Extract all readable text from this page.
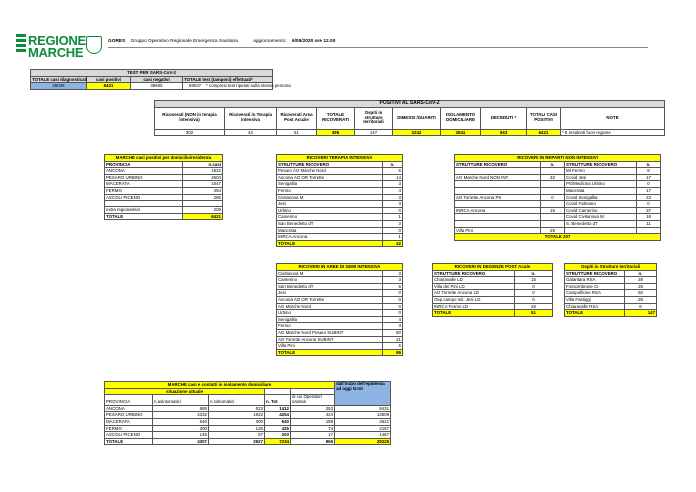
REGIONE
MARCHE
GORES Gruppo Operativo Regionale Emergenza Sanitaria	aggiornamento: 6/05/2020 ore 12.00
TEST PER SARS-CoV-2			
TOTALE casi diagnosticati	casi positivi	casi negativi	TOTALE test (tamponi) effettuati*
45026	6421	38605	69037 * compresi test ripetuti sulla stessa persona
POSITIVI AL SARS-CoV-2									
Ricoverati (NON in terapia intensiva)	Ricoverati in Terapia intensiva	Ricoverati Area Post Acuzie	TOTALE RICOVERATI	Ospiti in strutture territoriali	DIMESSI /GUARITI	ISOLAMENTO DOMICILIARE	DECEDUTI *	TOTALI CASI POSITIVI	NOTE
302	42	51	395	147	2242	2841	943	6421	* 8 residenti fuori regione
MARCHE casi positivi per domicilio/residenza	
PROVINCIA	n.casi
ANCONA	1822
PESARO URBINO	2604
MACERATA	1047
FERMO	454
ASCOLI PICENO	285

extra regionale/al	209
TOTALE	6421
RICOVERI TERAPIA INTENSIVA	
STRUTTURE RICOVERO	n.
Pesaro AO Marche Nord	6
Ancona AO OR Torrette	14
Senigallia	3
Fermo	4
Civitanova M	3
Jesi	3
Urbino	0
Camerino	1
San Benedetto dT	3
Macerata	0
INRCA Ancona	1
TOTALE	42
RICOVERI IN REPARTI NON INTENSIVI			
STRUTTURE RICOVERO	n.	STRUTTURE RICOVERO	n.
		MI Fermo	8
AO Marche Nord NON INT.	32	Covid Jesi	17
		PS/Medicina Urbino	0
		Macerata	17
AO Torrette Ancona PS	0	Covid Senigallia	23
		Covid Fabriano	0
INRCA Ancona	15	Covid Camerino	37
		Covid Civitanova M	18
		S. Benedetto dT	11
Villa Pini	29		
TOTALE 207			
RICOVERI IN AREE DI SEMI INTENSIVA	
Civitanova M	3
Camerino	3
San Benedetto dT	5
Jesi	0
Ancona AO OR Torrette	0
AO Marche Nord	0
Urbino	0
Senigallia	4
Fermo	3
AO Marche Nord Pesaro SUBINT	50
AO Torrette Ancona SUBINT	21
Villa Pini	6
TOTALE	95
RICOVERI IN DEGENZE POST Acute	
STRUTTURE RICOVERO	n.
Chiaravalle LD	15
Villa dei Pini LD	0
AO Torrette Ancona LD	0
Osp.campo mil. Jesi LD	0
INRCA Fermo LD	26
TOTALE	51
Ospiti in Strutture territoriali	
STRUTTURE RICOVERO	n.
Galantara RSA	28
Fossombrone CI	25
Campofilone RSA	60
Villa Fastiggi	28
Chiaravalle RSA	6
TOTALE	147
MARCHE casi e contatti in isolamento domiciliare					dall'inizio dell'epidemia ad oggi N.tot
situazione attuale					
PROVINCIA	n.asintomatici	n.sintomatici	n. Tot	di cui Operatori sanitari	
ANCONA	889	523	1412	253	8431
PESARO URBINO	2332	1922	4254	424	13509
MACERATA	640	300	940	198	3621
FERMO	300	125	425	74	2157
ASCOLI PICENO	146	57	203	17	1467
TOTALE	4307	2927	7234	966	29225
